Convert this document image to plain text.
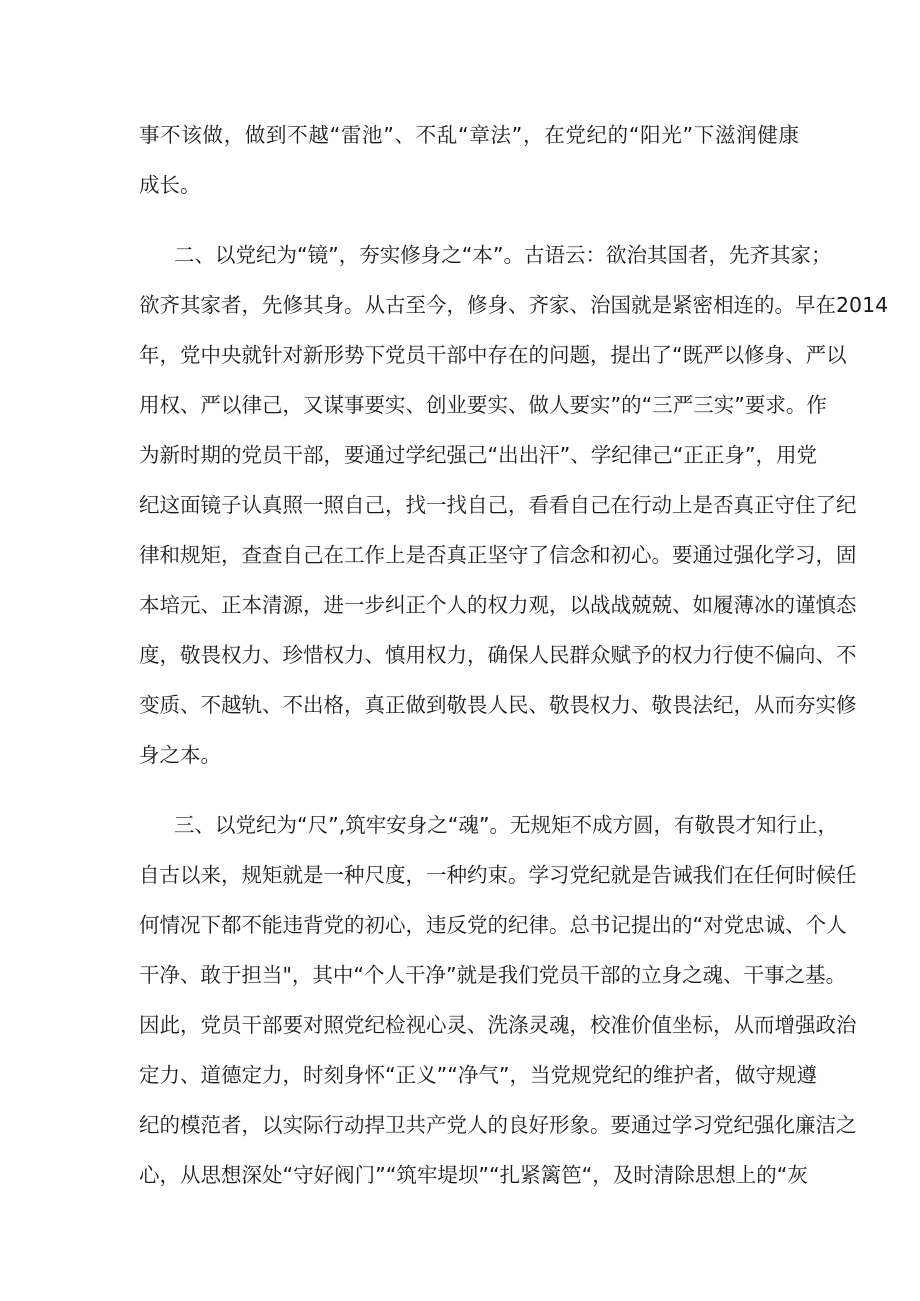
事不该做，做到不越“雷池”、不乱“章法”，在党纪的“阳光”下滋润健康
成长。
二、以党纪为“镜”，夯实修身之“本”。古语云：欲治其国者，先齐其家；
欲齐其家者，先修其身。从古至今，修身、齐家、治国就是紧密相连的。早在2014
年，党中央就针对新形势下党员干部中存在的问题，提出了“既严以修身、严以
用权、严以律己，又谋事要实、创业要实、做人要实”的“三严三实”要求。作
为新时期的党员干部，要通过学纪强己“出出汗”、学纪律己“正正身”，用党
纪这面镜子认真照一照自己，找一找自己，看看自己在行动上是否真正守住了纪
律和规矩，查查自己在工作上是否真正坚守了信念和初心。要通过强化学习，固
本培元、正本清源，进一步纠正个人的权力观，以战战兢兢、如履薄冰的谨慎态
度，敬畏权力、珍惜权力、慎用权力，确保人民群众赋予的权力行使不偏向、不
变质、不越轨、不出格，真正做到敬畏人民、敬畏权力、敬畏法纪，从而夯实修
身之本。
三、以党纪为“尺”,筑牢安身之“魂”。无规矩不成方圆，有敬畏才知行止，
自古以来，规矩就是一种尺度，一种约束。学习党纪就是告诫我们在任何时候任
何情况下都不能违背党的初心，违反党的纪律。总书记提出的“对党忠诚、个人
干净、敢于担当"，其中“个人干净”就是我们党员干部的立身之魂、干事之基。
因此，党员干部要对照党纪检视心灵、洗涤灵魂，校准价值坐标，从而增强政治
定力、道德定力，时刻身怀“正义”“净气”，当党规党纪的维护者，做守规遵
纪的模范者，以实际行动捍卫共产党人的良好形象。要通过学习党纪强化廉洁之
心，从思想深处“守好阀门”“筑牢堤坝”“扎紧篱笆“，及时清除思想上的“灰
